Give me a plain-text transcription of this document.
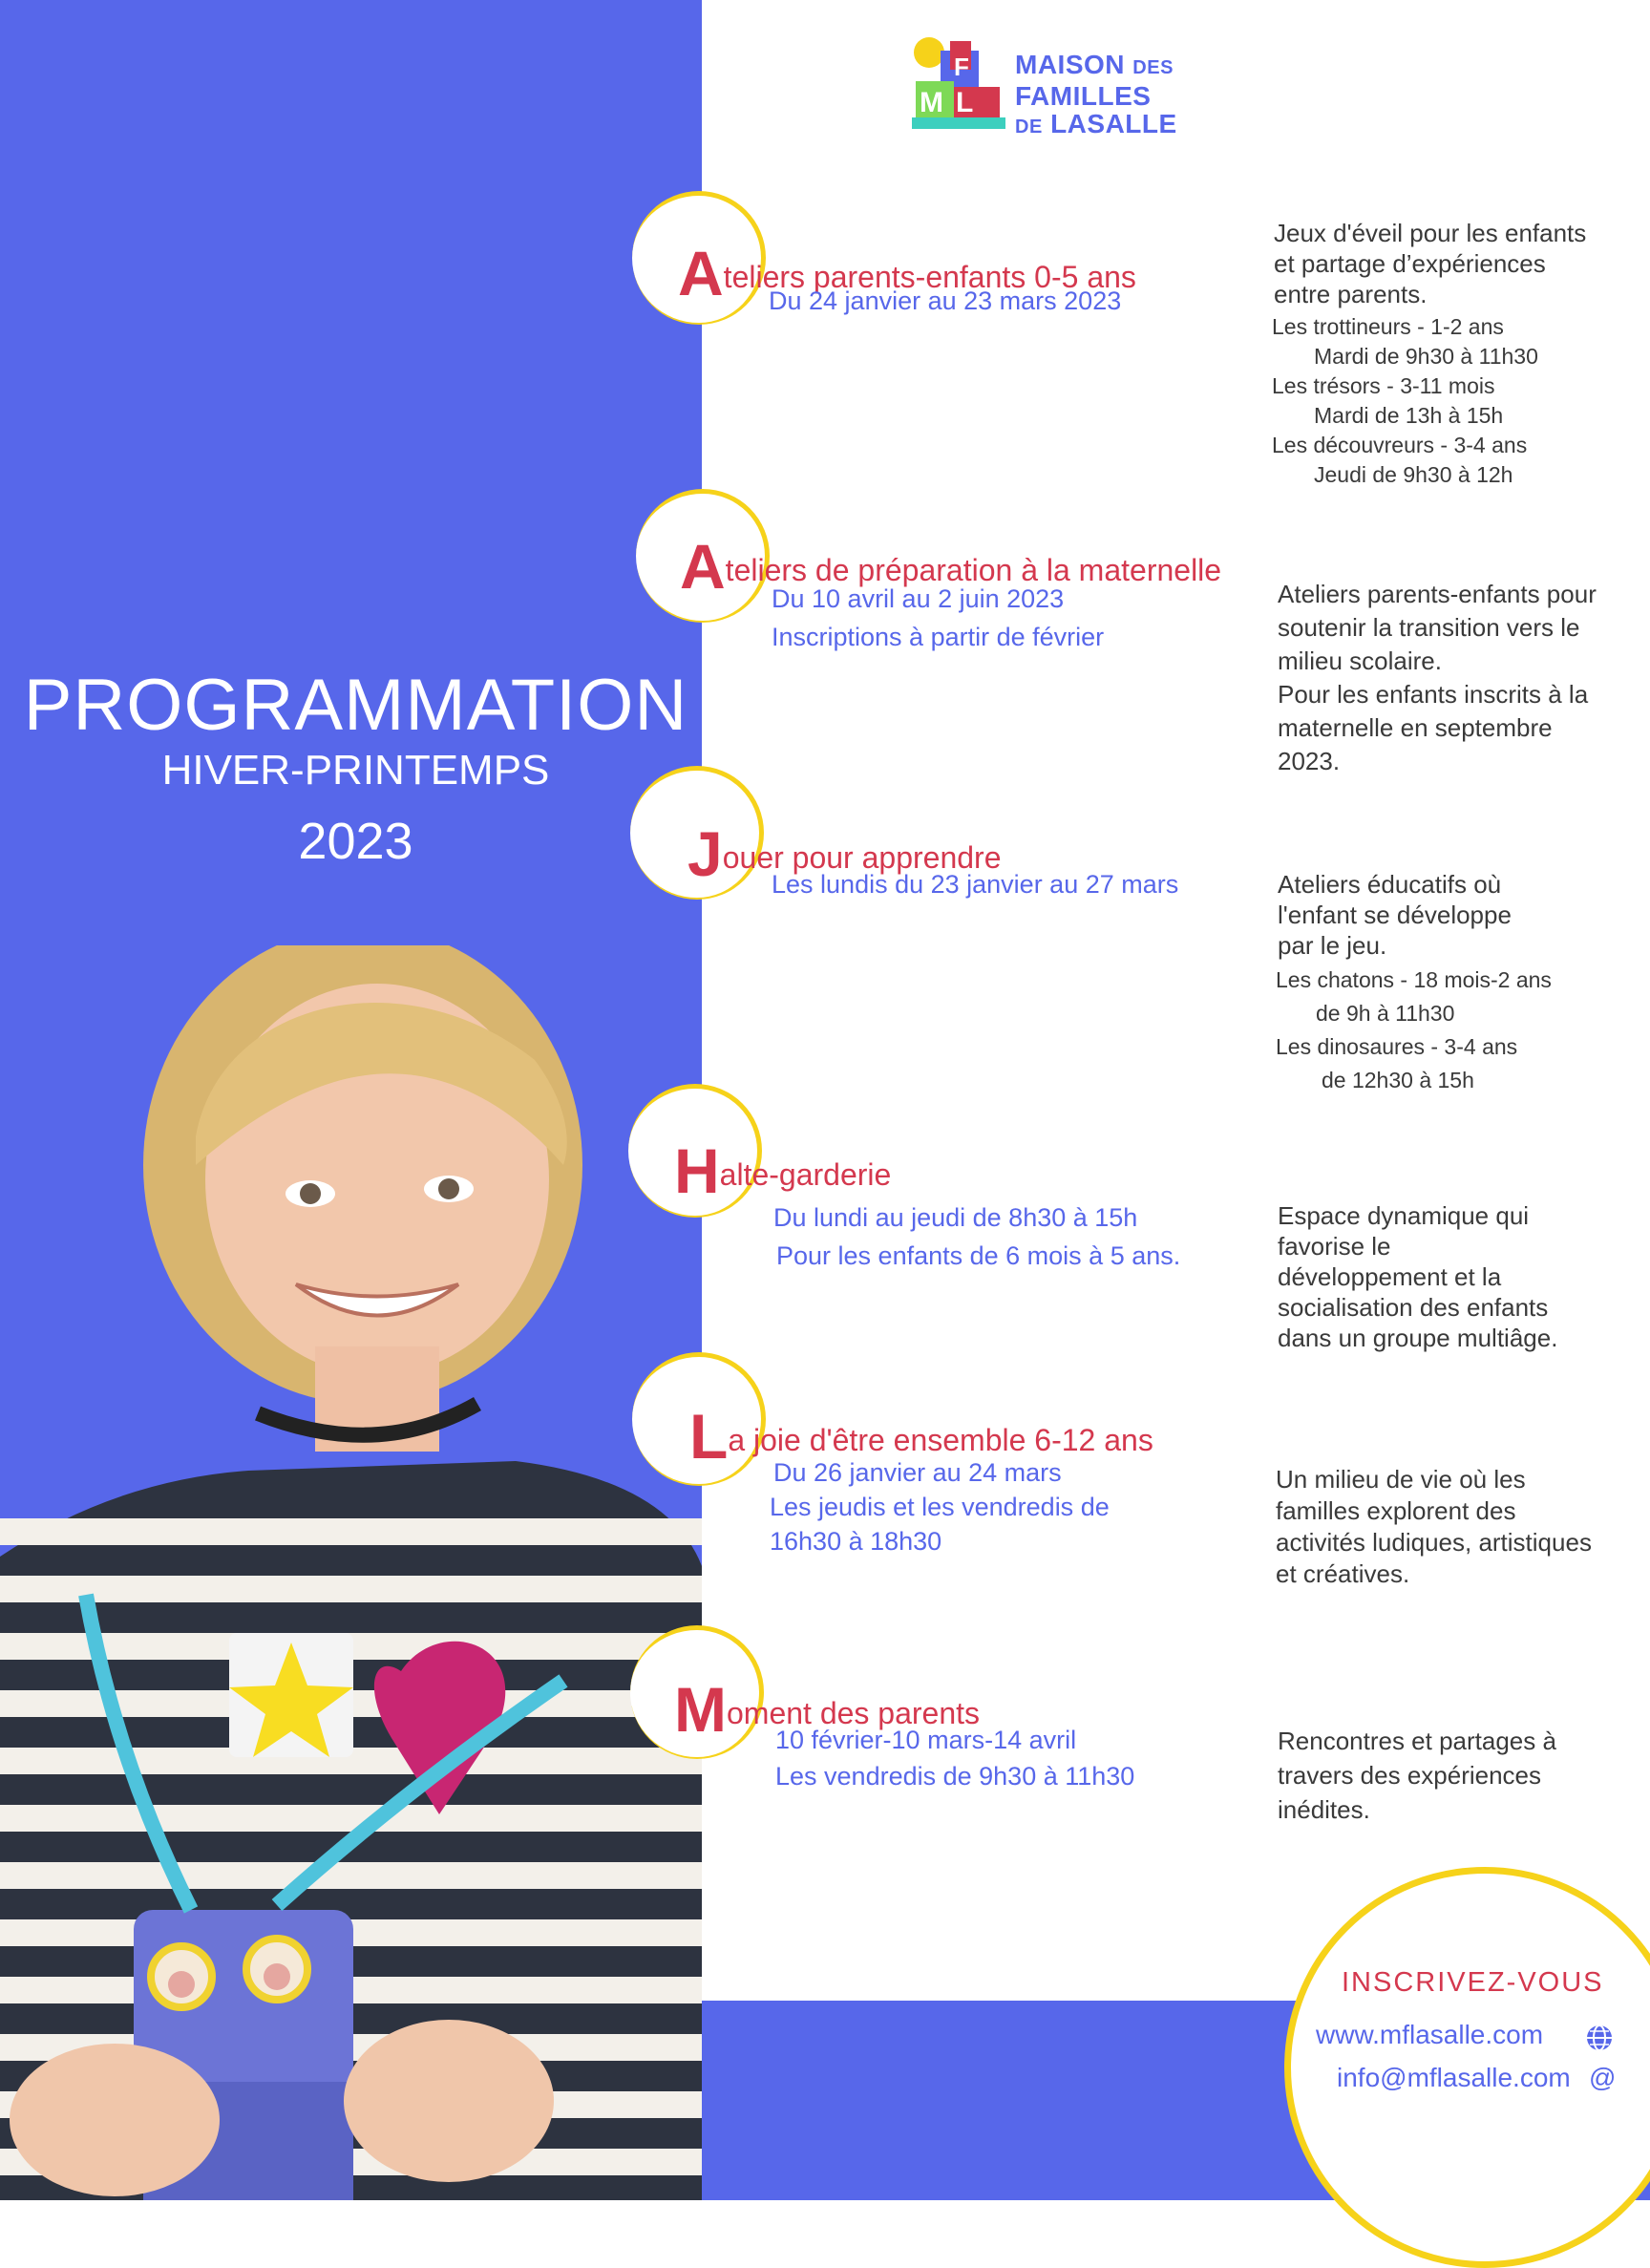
L
M
F MAISON DES
FAMILLES
DE LASALLE
PROGRAMMATION
HIVER-PRINTEMPS
2023
Ateliers parents-enfants 0-5 ans
Du 24 janvier au 23 mars 2023
Jeux d'éveil pour les enfants
et partage d’expériences
entre parents.
Les trottineurs - 1-2 ans
Mardi de 9h30 à 11h30
Les trésors - 3-11 mois
Mardi de 13h à 15h
Les découvreurs - 3-4 ans
Jeudi de 9h30 à 12h
Ateliers de préparation à la maternelle
Du 10 avril au 2 juin 2023
Inscriptions à partir de février
Ateliers parents-enfants pour
soutenir la transition vers le
milieu scolaire.
Pour les enfants inscrits à la
maternelle en septembre
2023.
Jouer pour apprendre
Les lundis du 23 janvier au 27 mars	Ateliers éducatifs où
l'enfant se développe
par le jeu.
Les chatons - 18 mois-2 ans
de 9h à 11h30
Les dinosaures - 3-4 ans
de 12h30 à 15h
Halte-garderie
Du lundi au jeudi de 8h30 à 15h
Pour les enfants de 6 mois à 5 ans.
Espace dynamique qui
favorise le
développement et la
socialisation des enfants
dans un groupe multiâge.
La joie d'être ensemble 6-12 ans
Du 26 janvier au 24 mars
Les jeudis et les vendredis de
16h30 à 18h30
Un milieu de vie où les
familles explorent des
activités ludiques, artistiques
et créatives.
Moment des parents
10 février-10 mars-14 avril
Les vendredis de 9h30 à 11h30
Rencontres et partages à
travers des expériences
inédites.
INSCRIVEZ-VOUS
www.mflasalle.com
info@mflasalle.com @
